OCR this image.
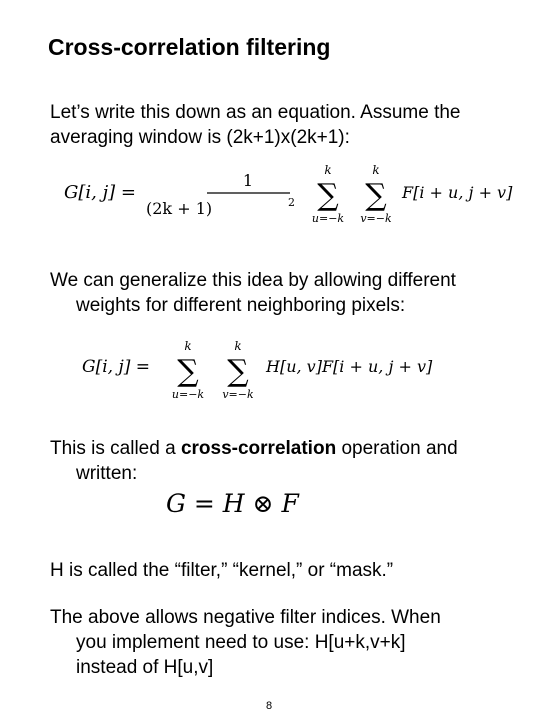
Cross-correlation filtering
Let’s write this down as an equation. Assume the
averaging window is (2k+1)x(2k+1):
G[i, j] =
1
(2k + 1)	2
k
∑
u=−k
k
∑
v=−k
F[i + u, j + v]
We can generalize this idea by allowing different
weights for different neighboring pixels:
G[i, j] =
k
∑
u=−k
k
∑
v=−k
H[u, v]F[i + u, j + v]
This is called a cross-correlation operation and
written:
G = H ⊗ F
H is called the “filter,” “kernel,” or “mask.”
The above allows negative filter indices. When
you implement need to use: H[u+k,v+k]
instead of H[u,v]
8
